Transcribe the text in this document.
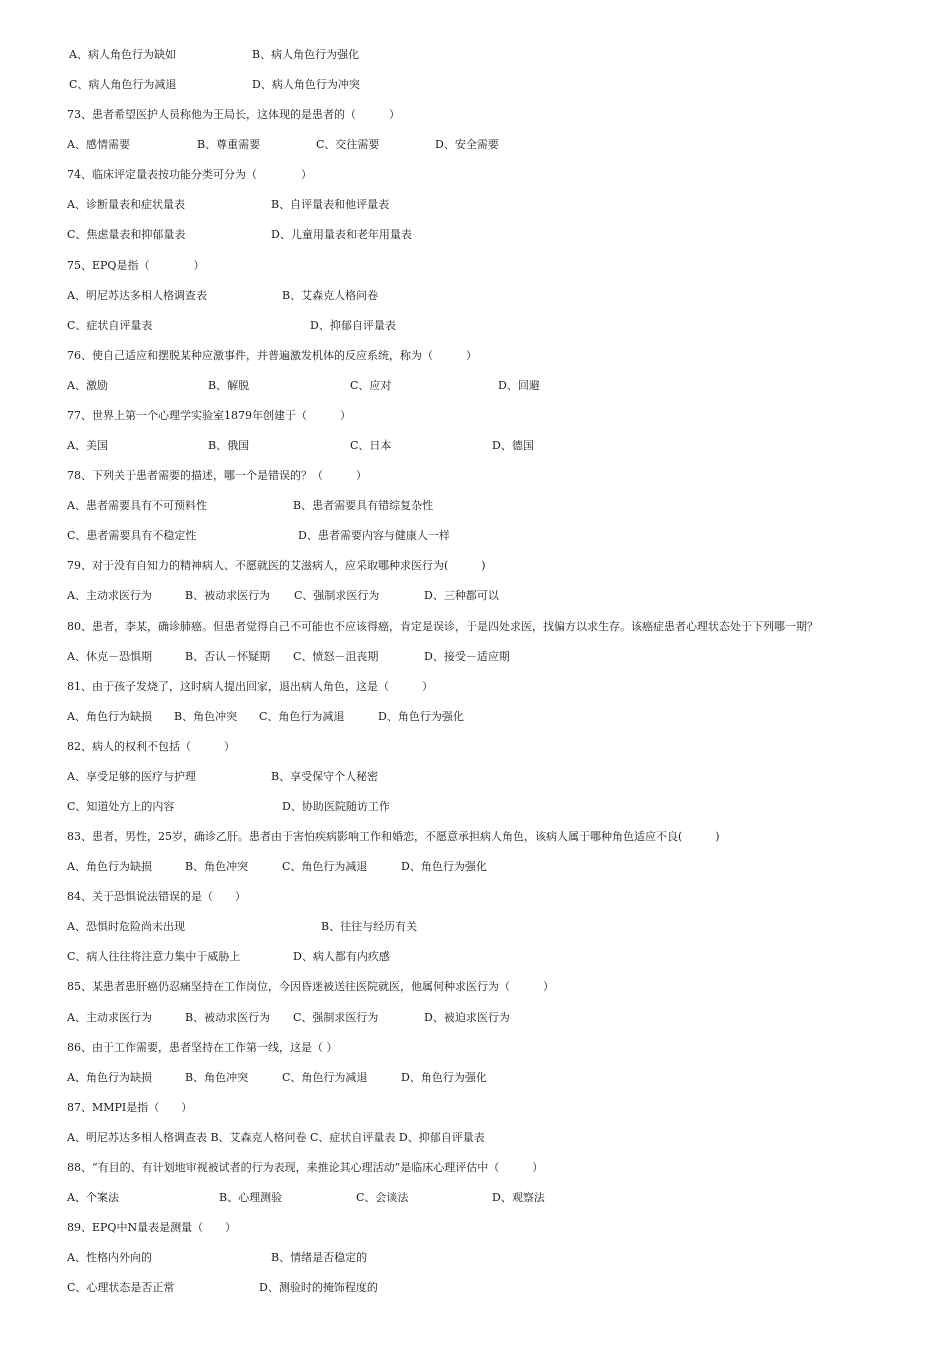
A、病人角色行为缺如	B、病人角色行为强化
C、病人角色行为减退	D、病人角色行为冲突
73、患者希望医护人员称他为王局长，这体现的是患者的（　　　）
A、感情需要	B、尊重需要	C、交往需要	D、安全需要
74、临床评定量表按功能分类可分为（　　　　）
A、诊断量表和症状量表	B、自评量表和他评量表
C、焦虑量表和抑郁量表	D、儿童用量表和老年用量表
75、EPQ是指（　　　　）
A、明尼苏达多相人格调查表	B、艾森克人格问卷
C、症状自评量表	D、抑郁自评量表
76、使自己适应和摆脱某种应激事件，并普遍激发机体的反应系统，称为（　　　）
A、激励	B、解脱	C、应对	D、回避
77、世界上第一个心理学实验室1879年创建于（　　　）
A、美国	B、俄国	C、日本	D、德国
78、下列关于患者需要的描述，哪一个是错误的？（　　　）
A、患者需要具有不可预料性	B、患者需要具有错综复杂性
C、患者需要具有不稳定性	D、患者需要内容与健康人一样
79、对于没有自知力的精神病人、不愿就医的艾滋病人，应采取哪种求医行为(　　　)
A、主动求医行为	B、被动求医行为 C、强制求医行为	D、三种都可以
80、患者，李某，确诊肺癌。但患者觉得自己不可能也不应该得癌，肯定是误诊，于是四处求医，找偏方以求生存。该癌症患者心理状态处于下列哪一期？
A、休克－恐惧期	B、否认－怀疑期 C、愤怒－沮丧期	D、接受－适应期
81、由于孩子发烧了，这时病人提出回家，退出病人角色，这是（　　　）
A、角色行为缺损 B、角色冲突 C、角色行为减退	D、角色行为强化
82、病人的权利不包括（　　　）
A、享受足够的医疗与护理	B、享受保守个人秘密
C、知道处方上的内容	D、协助医院随访工作
83、患者，男性，25岁，确诊乙肝。患者由于害怕疾病影响工作和婚恋，不愿意承担病人角色，该病人属于哪种角色适应不良(　　　)
A、角色行为缺损	B、角色冲突	C、角色行为减退	D、角色行为强化
84、关于恐惧说法错误的是（　　）
A、恐惧时危险尚未出现	B、往往与经历有关
C、病人往往将注意力集中于威胁上	D、病人都有内疚感
85、某患者患肝癌仍忍痛坚持在工作岗位，今因昏迷被送往医院就医，他属何种求医行为（　　　）
A、主动求医行为	B、被动求医行为 C、强制求医行为	D、被迫求医行为
86、由于工作需要，患者坚持在工作第一线，这是（ ）
A、角色行为缺损	B、角色冲突	C、角色行为减退	D、角色行为强化
87、MMPI是指（　　）
A、明尼苏达多相人格调查表 B、艾森克人格问卷 C、症状自评量表 D、抑郁自评量表
88、“有目的、有计划地审视被试者的行为表现，来推论其心理活动”是临床心理评估中（　　　）
A、个案法	B、心理测验	C、会谈法	D、观察法
89、EPQ中N量表是测量（　　）
A、性格内外向的	B、情绪是否稳定的
C、心理状态是否正常	D、测验时的掩饰程度的
